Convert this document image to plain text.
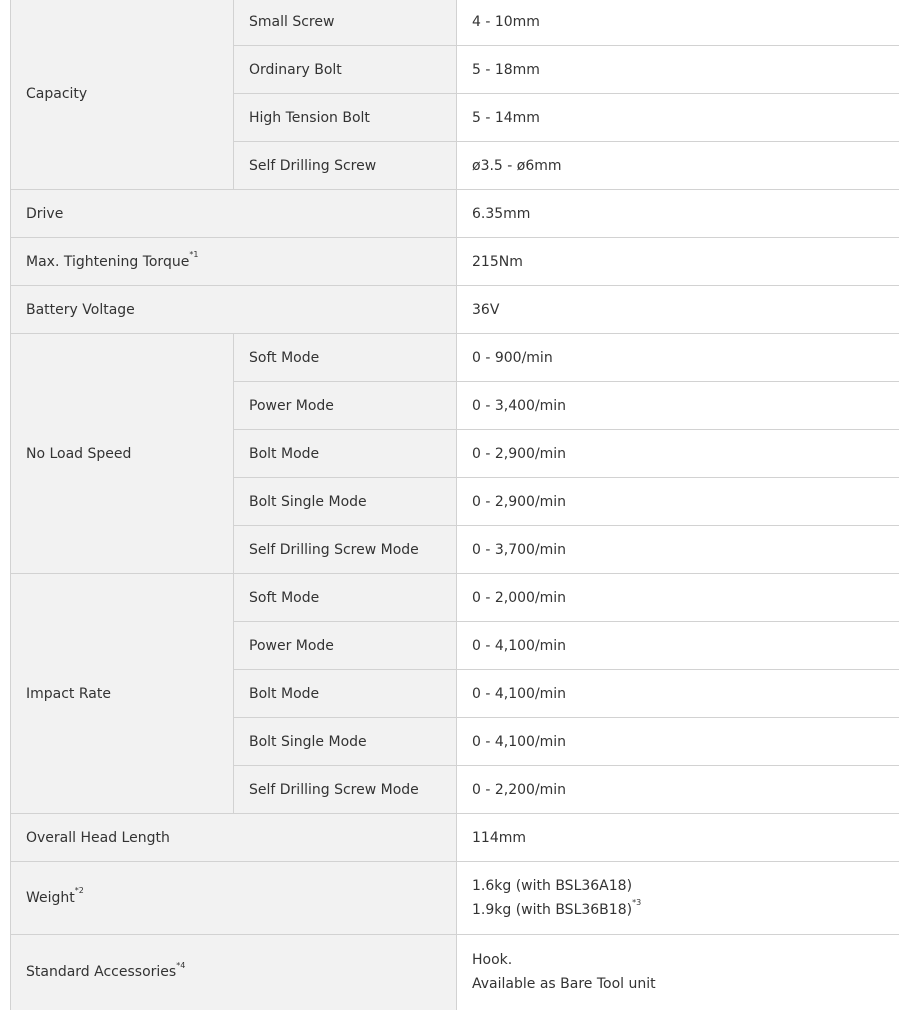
Capacity	Small Screw	4 - 10mm
	Ordinary Bolt	5 - 18mm
	High Tension Bolt	5 - 14mm
	Self Drilling Screw	ø3.5 - ø6mm
Drive		6.35mm
Max. Tightening Torque$^{*1}$		215Nm
Battery Voltage		36V
No Load Speed	Soft Mode	0 - 900/min
	Power Mode	0 - 3,400/min
	Bolt Mode	0 - 2,900/min
	Bolt Single Mode	0 - 2,900/min
	Self Drilling Screw Mode	0 - 3,700/min
Impact Rate	Soft Mode	0 - 2,000/min
	Power Mode	0 - 4,100/min
	Bolt Mode	0 - 4,100/min
	Bolt Single Mode	0 - 4,100/min
	Self Drilling Screw Mode	0 - 2,200/min
Overall Head Length		114mm
Weight$^{*2}$		1.6kg (with BSL36A18)
1.9kg (with BSL36B18)$^{*3}$

Standard Accessories$^{*4}$		Hook.
Available as Bare Tool unit
